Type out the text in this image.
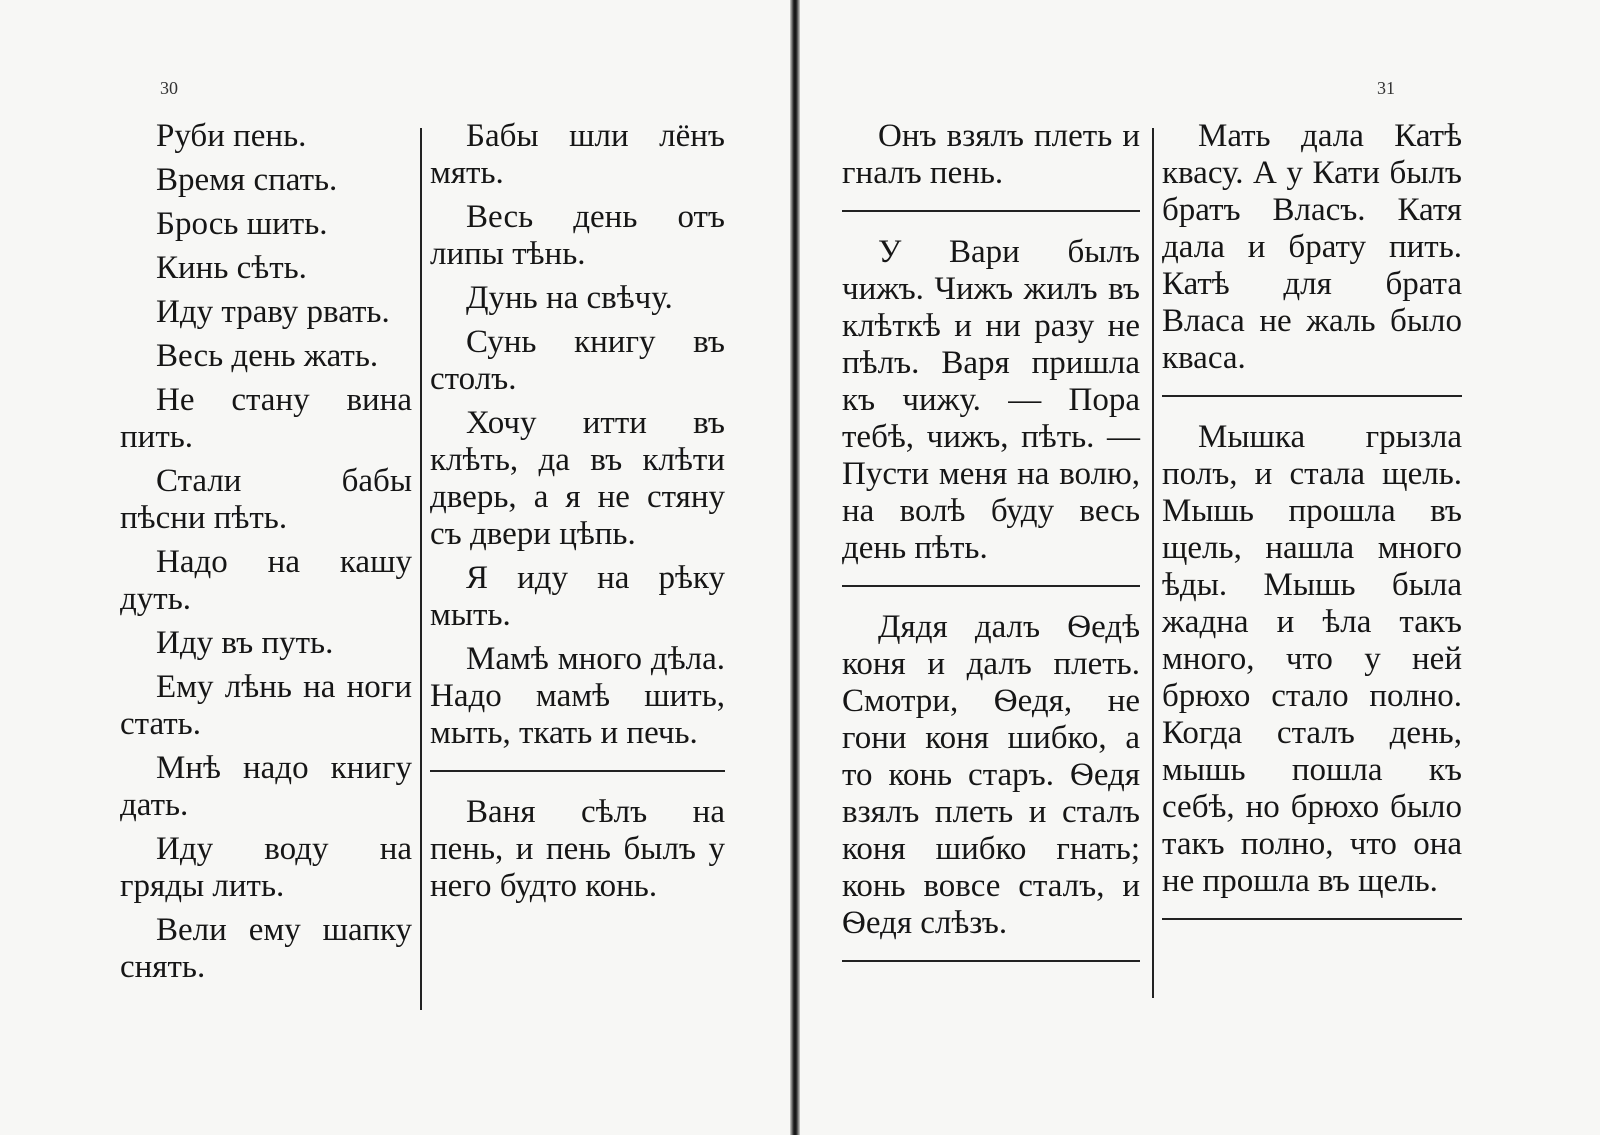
30

Руби пень.

Время спать.

Брось шить.

Кинь сѣть.

Иду траву рвать.

Весь день жать.

Не стану вина пить.

Стали бабы пѣсни пѣть.

Надо на кашу дуть.

Иду въ путь.

Ему лѣнь на ноги стать.

Мнѣ надо книгу дать.

Иду воду на гряды лить.

Вели ему шапку снять.

Бабы шли лёнъ мять.

Весь день отъ липы тѣнь.

Дунь на свѣчу.

Сунь книгу въ столъ.

Хочу итти въ клѣть, да въ клѣти дверь, а я не стяну съ двери цѣпь.

Я иду на рѣку мыть.

Мамѣ много дѣла. Надо мамѣ шить, мыть, ткать и печь.

Ваня сѣлъ на пень, и пень былъ у него будто конь.

31

Онъ взялъ плеть и гналъ пень.

У Вари былъ чижъ. Чижъ жилъ въ клѣткѣ и ни разу не пѣлъ. Варя пришла къ чижу. — Пора тебѣ, чижъ, пѣть. — Пусти меня на волю, на волѣ буду весь день пѣть.

Дядя далъ Ѳедѣ коня и далъ плеть. Смотри, Ѳедя, не гони коня шибко, а то конь старъ. Ѳедя взялъ плеть и сталъ коня шибко гнать; конь вовсе сталъ, и Ѳедя слѣзъ.

Мать дала Катѣ квасу. А у Кати былъ братъ Власъ. Катя дала и брату пить. Катѣ для брата Власа не жаль было кваса.

Мышка грызла полъ, и стала щель. Мышь прошла въ щель, нашла много ѣды. Мышь была жадна и ѣла такъ много, что у ней брюхо стало полно. Когда сталъ день, мышь пошла къ себѣ, но брюхо было такъ полно, что она не прошла въ щель.
